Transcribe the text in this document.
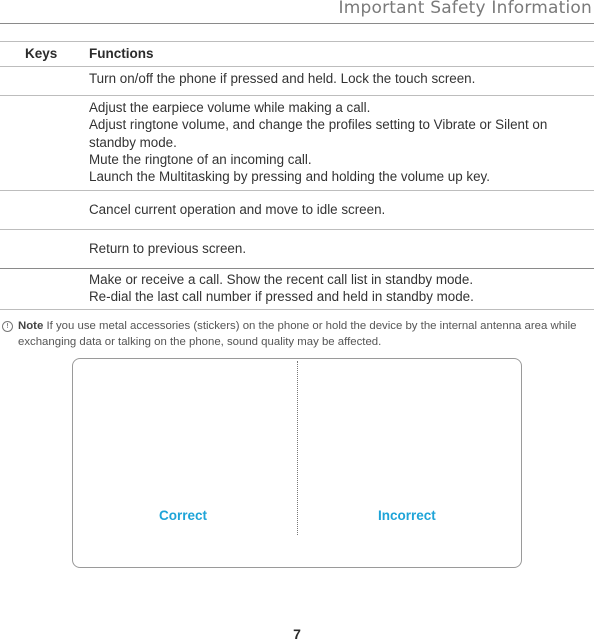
Important Safety Information
Keys Functions
Turn on/off the phone if pressed and held. Lock the touch screen.
Adjust the earpiece volume while making a call.
Adjust ringtone volume, and change the profiles setting to Vibrate or Silent on standby mode.
Mute the ringtone of an incoming call.
Launch the Multitasking by pressing and holding the volume up key.
Cancel current operation and move to idle screen.
Return to previous screen.
Make or receive a call. Show the recent call list in standby mode.
Re-dial the last call number if pressed and held in standby mode.
! Note If you use metal accessories (stickers) on the phone or hold the device by the internal antenna area while exchanging data or talking on the phone, sound quality may be affected.
Correct	Incorrect
7
